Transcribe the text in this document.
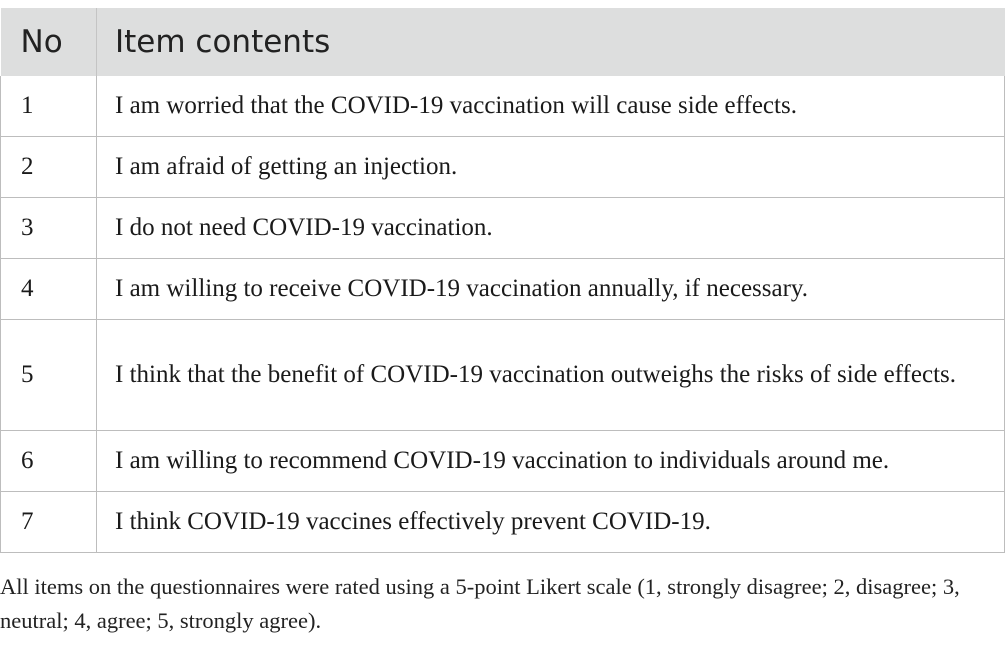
No	Item contents
1	I am worried that the COVID-19 vaccination will cause side effects.
2	I am afraid of getting an injection.
3	I do not need COVID-19 vaccination.
4	I am willing to receive COVID-19 vaccination annually, if necessary.
5	I think that the benefit of COVID-19 vaccination outweighs the risks of side effects.
6	I am willing to recommend COVID-19 vaccination to individuals around me.
7	I think COVID-19 vaccines effectively prevent COVID-19.
All items on the questionnaires were rated using a 5-point Likert scale (1, strongly disagree; 2, disagree; 3, neutral; 4, agree; 5, strongly agree).
